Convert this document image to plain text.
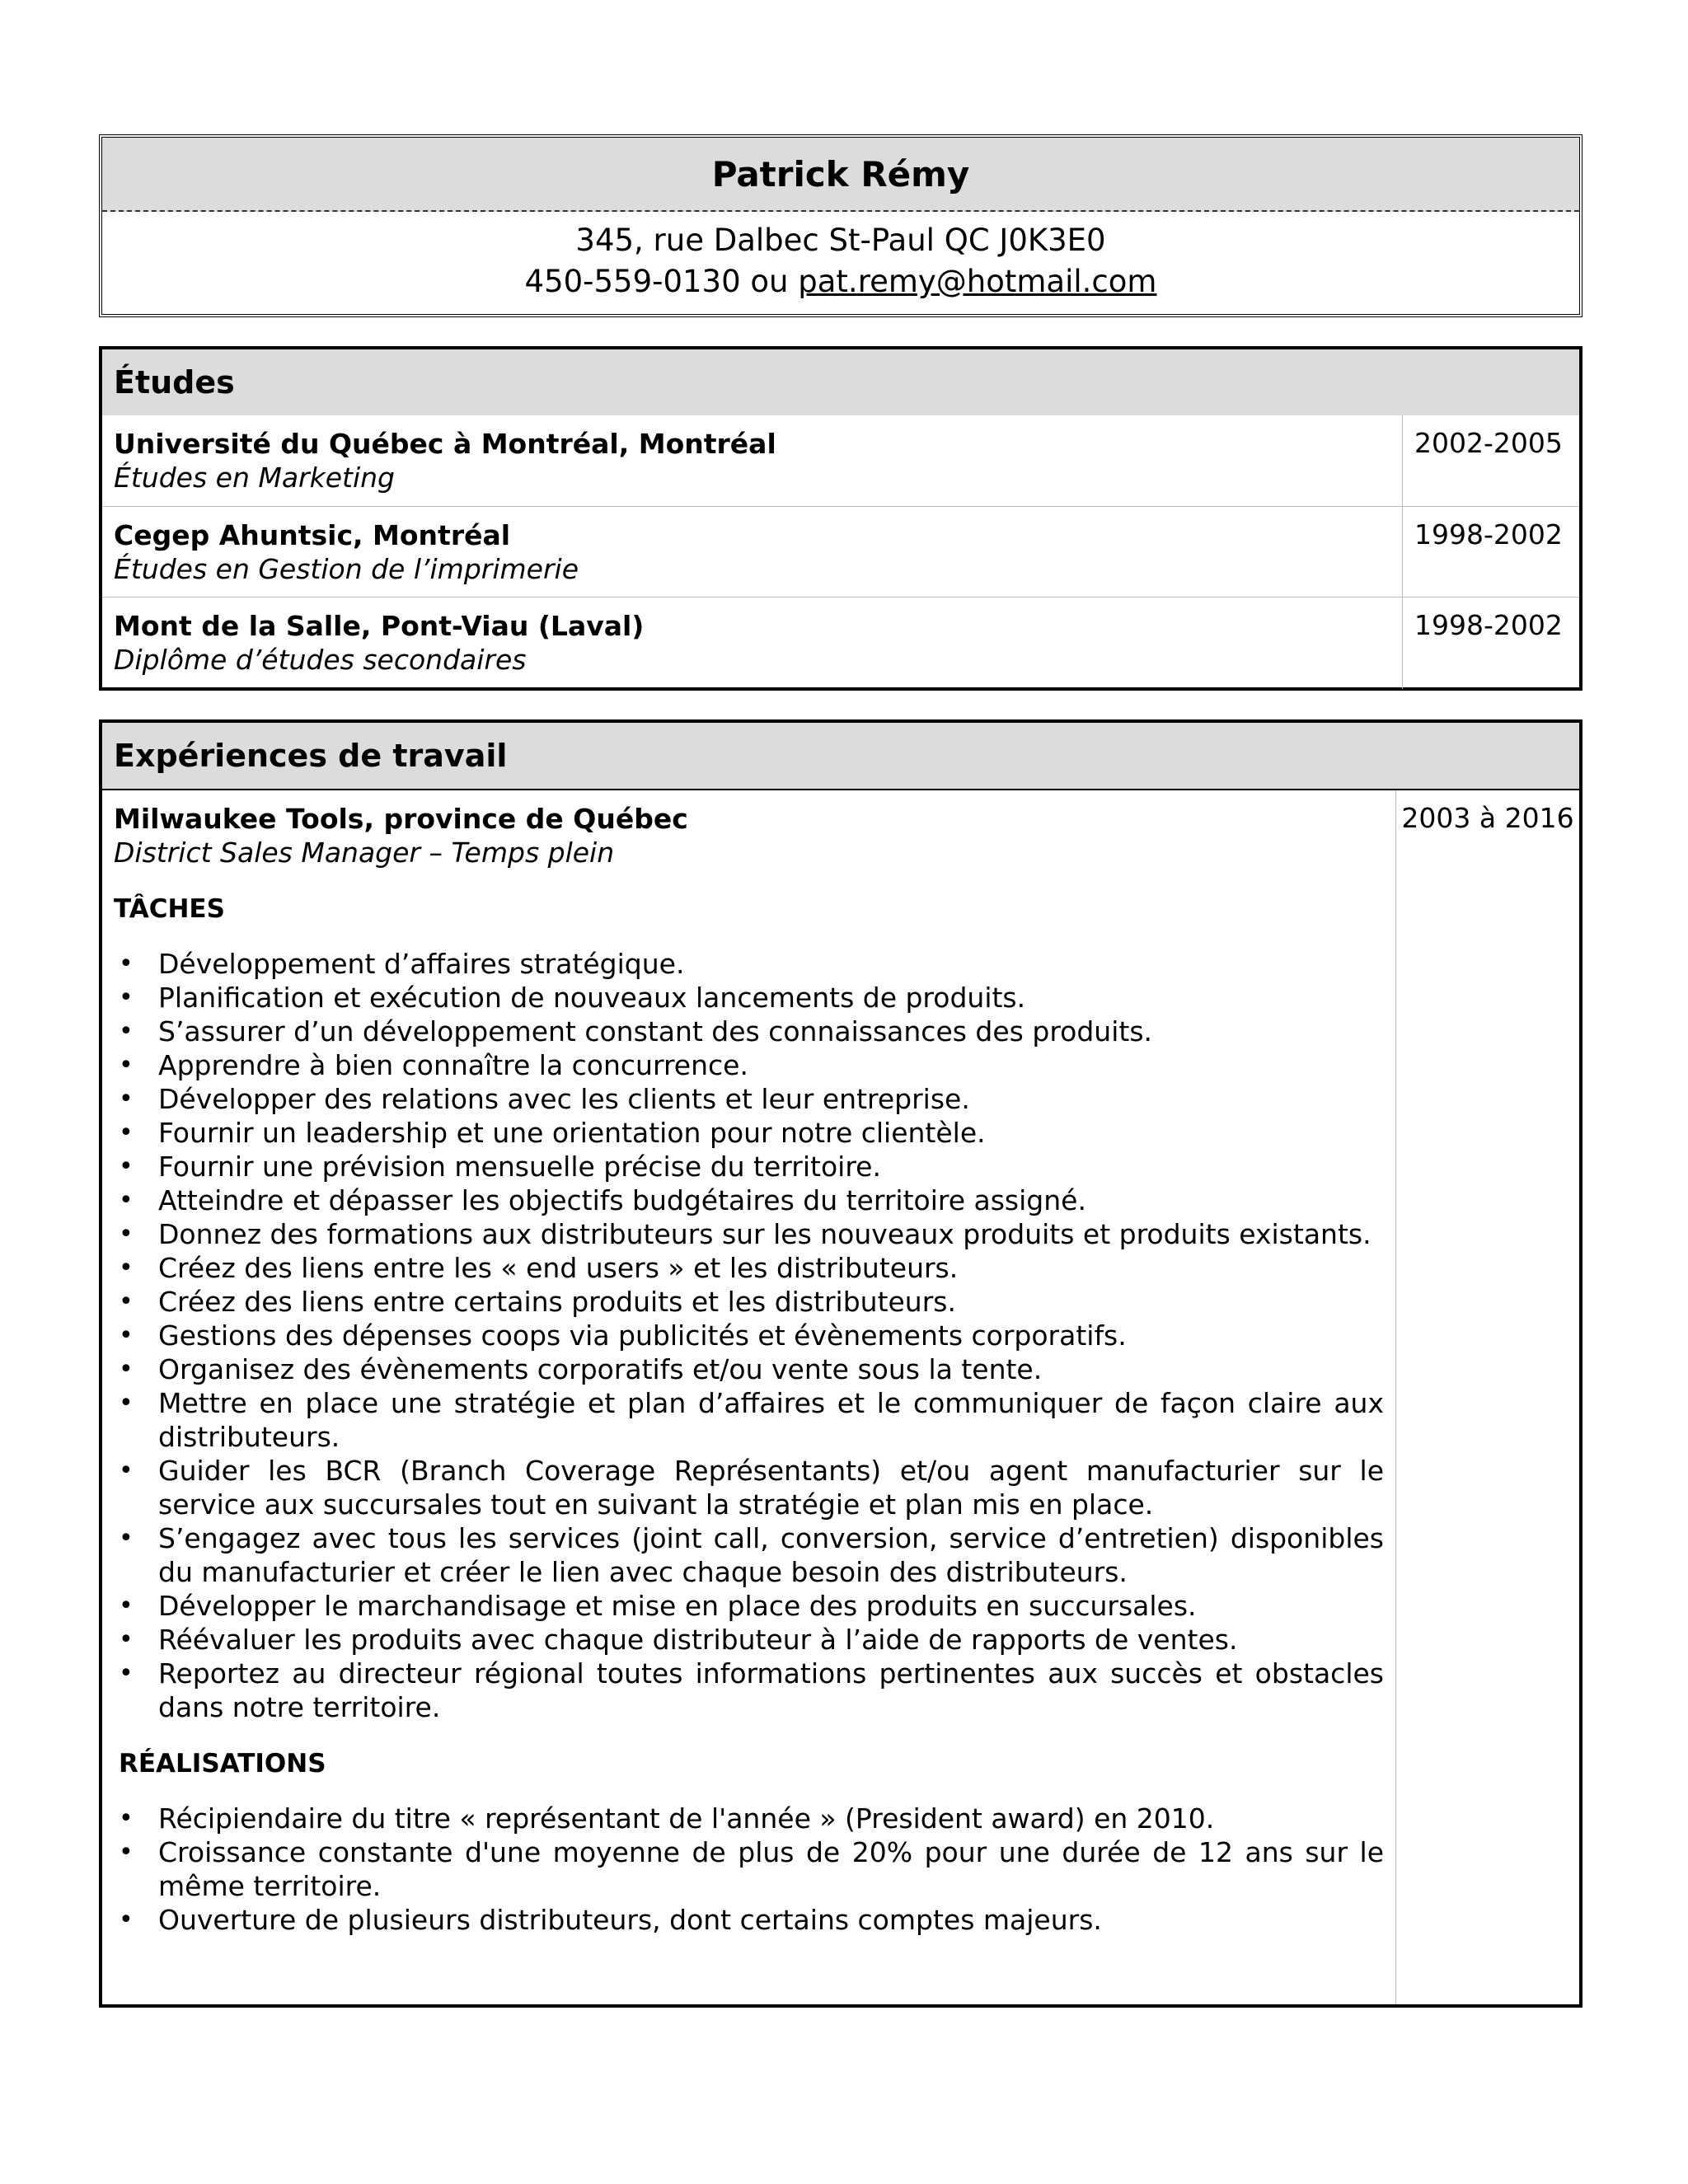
Patrick Rémy
345, rue Dalbec St-Paul QC J0K3E0
450-559-0130 ou pat.remy@hotmail.com
Études
Université du Québec à Montréal, Montréal
Études en Marketing
2002-2005
Cegep Ahuntsic, Montréal
Études en Gestion de l’imprimerie
1998-2002
Mont de la Salle, Pont-Viau (Laval)
Diplôme d’études secondaires
1998-2002
Expériences de travail
Milwaukee Tools, province de Québec
District Sales Manager – Temps plein
TÂCHES
• Développement d’affaires stratégique.
• Planification et exécution de nouveaux lancements de produits.
• S’assurer d’un développement constant des connaissances des produits.
• Apprendre à bien connaître la concurrence.
• Développer des relations avec les clients et leur entreprise.
• Fournir un leadership et une orientation pour notre clientèle.
• Fournir une prévision mensuelle précise du territoire.
• Atteindre et dépasser les objectifs budgétaires du territoire assigné.
• Donnez des formations aux distributeurs sur les nouveaux produits et produits existants.
• Créez des liens entre les « end users » et les distributeurs.
• Créez des liens entre certains produits et les distributeurs.
• Gestions des dépenses coops via publicités et évènements corporatifs.
• Organisez des évènements corporatifs et/ou vente sous la tente.
• Mettre en place une stratégie et plan d’affaires et le communiquer de façon claire aux distributeurs.
• Guider les BCR (Branch Coverage Représentants) et/ou agent manufacturier sur le service aux succursales tout en suivant la stratégie et plan mis en place.
• S’engagez avec tous les services (joint call, conversion, service d’entretien) disponibles du manufacturier et créer le lien avec chaque besoin des distributeurs.
• Développer le marchandisage et mise en place des produits en succursales.
• Réévaluer les produits avec chaque distributeur à l’aide de rapports de ventes.
• Reportez au directeur régional toutes informations pertinentes aux succès et obstacles dans notre territoire.
RÉALISATIONS
• Récipiendaire du titre « représentant de l'année » (President award) en 2010.
• Croissance constante d'une moyenne de plus de 20% pour une durée de 12 ans sur le même territoire.
• Ouverture de plusieurs distributeurs, dont certains comptes majeurs.
2003 à 2016
